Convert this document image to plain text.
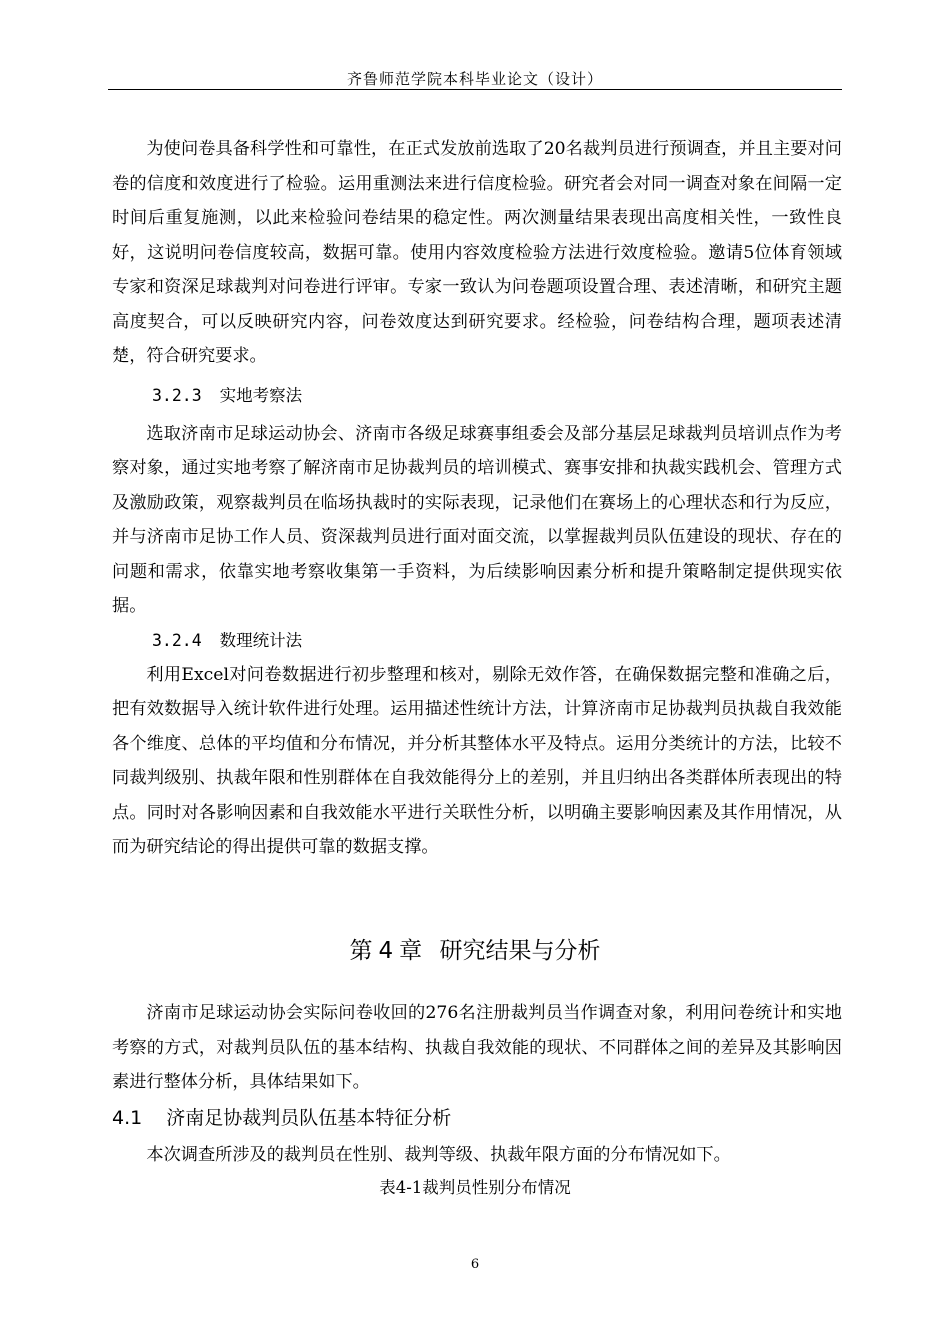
齐鲁师范学院本科毕业论文（设计）

为使问卷具备科学性和可靠性，在正式发放前选取了20名裁判员进行预调查，并且主要对问卷的信度和效度进行了检验。运用重测法来进行信度检验。研究者会对同一调查对象在间隔一定时间后重复施测，以此来检验问卷结果的稳定性。两次测量结果表现出高度相关性，一致性良好，这说明问卷信度较高，数据可靠。使用内容效度检验方法进行效度检验。邀请5位体育领域专家和资深足球裁判对问卷进行评审。专家一致认为问卷题项设置合理、表述清晰，和研究主题高度契合，可以反映研究内容，问卷效度达到研究要求。经检验，问卷结构合理，题项表述清楚，符合研究要求。

3.2.3 实地考察法

选取济南市足球运动协会、济南市各级足球赛事组委会及部分基层足球裁判员培训点作为考察对象，通过实地考察了解济南市足协裁判员的培训模式、赛事安排和执裁实践机会、管理方式及激励政策，观察裁判员在临场执裁时的实际表现，记录他们在赛场上的心理状态和行为反应，并与济南市足协工作人员、资深裁判员进行面对面交流，以掌握裁判员队伍建设的现状、存在的问题和需求，依靠实地考察收集第一手资料，为后续影响因素分析和提升策略制定提供现实依据。

3.2.4 数理统计法

利用Excel对问卷数据进行初步整理和核对，剔除无效作答，在确保数据完整和准确之后，把有效数据导入统计软件进行处理。运用描述性统计方法，计算济南市足协裁判员执裁自我效能各个维度、总体的平均值和分布情况，并分析其整体水平及特点。运用分类统计的方法，比较不同裁判级别、执裁年限和性别群体在自我效能得分上的差别，并且归纳出各类群体所表现出的特点。同时对各影响因素和自我效能水平进行关联性分析，以明确主要影响因素及其作用情况，从而为研究结论的得出提供可靠的数据支撑。

第 4 章 研究结果与分析

济南市足球运动协会实际问卷收回的276名注册裁判员当作调查对象，利用问卷统计和实地考察的方式，对裁判员队伍的基本结构、执裁自我效能的现状、不同群体之间的差异及其影响因素进行整体分析，具体结果如下。

4.1 济南足协裁判员队伍基本特征分析

本次调查所涉及的裁判员在性别、裁判等级、执裁年限方面的分布情况如下。

表4-1裁判员性别分布情况
6
